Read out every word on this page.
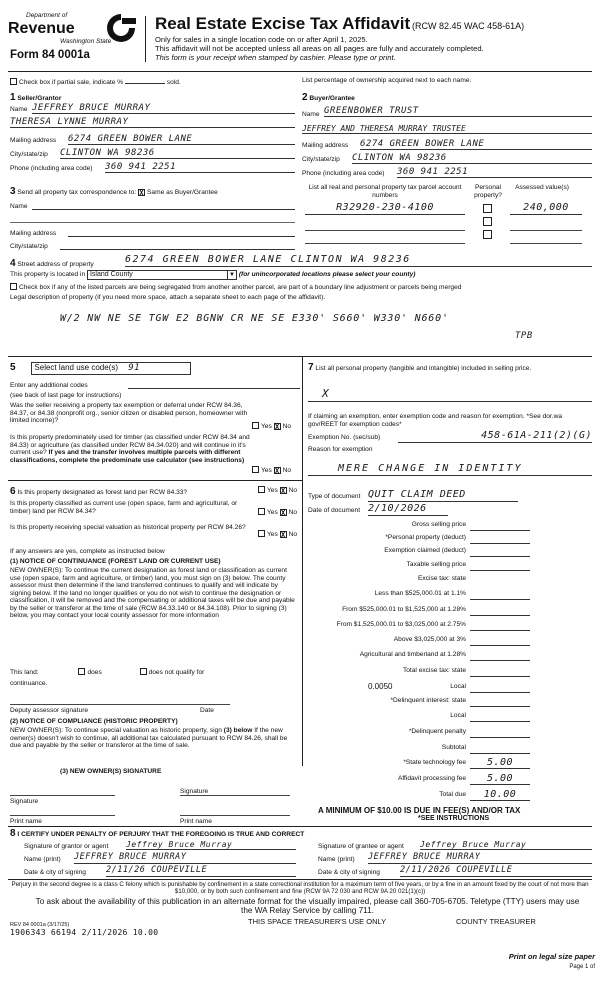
Department of
Revenue
Washington State
Form 84 0001a
Real Estate Excise Tax Affidavit (RCW 82.45 WAC 458-61A)
Only for sales in a single location code on or after April 1, 2025.
This affidavit will not be accepted unless all areas on all pages are fully and accurately completed.
This form is your receipt when stamped by cashier. Please type or print.
Check box if partial sale, indicate %	sold.	List percentage of ownership acquired next to each name.
1 Seller/Grantor
Name JEFFREY BRUCE MURRAY
THERESA LYNNE MURRAY
Mailing address 6274 GREEN BOWER LANE
City/state/zip CLINTON WA 98236
Phone (including area code) 360 941 2251
2 Buyer/Grantee
Name GREENBOWER TRUST
JEFFREY AND THERESA MURRAY TRUSTEE
Mailing address 6274 GREEN BOWER LANE
City/state/zip CLINTON WA 98236
Phone (including area code) 360 941 2251
3 Send all property tax correspondence to: X Same as Buyer/Grantee
Name
Mailing address
City/state/zip
List all real and personal property tax parcel account numbers
Personal property?
Assessed value(s)
R32920-230-4100	240,000
4 Street address of property	6274 GREEN BOWER LANE CLINTON WA 98236
This property is located in Island County	▼ (for unincorporated locations please select your county)
Check box if any of the listed parcels are being segregated from another another parcel, are part of a boundary line adjustment or parcels being merged
Legal description of property (if you need more space, attach a separate sheet to each page of the affidavit).
W/2 NW NE SE TGW E2 BGNW CR NE SE E330' S660' W330' N660'
TPB
5 Select land use code(s) 91
Enter any additional codes
(see back of last page for instructions)
Was the seller receiving a property tax exemption or deferral under RCW 84.36, 84.37, or 84.38 (nonprofit org., senior citizen or disabled person, homeowner with limited income)?
Yes X No
Is this property predominately used for timber (as classified under RCW 84.34 and 84.33) or agriculture (as classified under RCW 84.34.020) and will continue in it's current use? If yes and the transfer involves multiple parcels with different classifications, complete the predominate use calculator (see instructions)
Yes X No
6 Is this property designated as forest land per RCW 84.33?	Yes X No
Is this property classified as current use (open space, farm and agricultural, or timber) land per RCW 84.34?	Yes X No
Is this property receiving special valuation as historical property per RCW 84.26?
Yes X No
If any answers are yes, complete as instructed below
(1) NOTICE OF CONTINUANCE (FOREST LAND OR CURRENT USE)
NEW OWNER(S): To continue the current designation as forest land or classification as current use (open space, farm and agriculture, or timber) land, you must sign on (3) below. The county assessor must then determine if the land transferred continues to qualify and will indicate by signing below. If the land no longer qualifies or you do not wish to continue the designation or classification, it will be removed and the compensating or additional taxes will be due and payable by the seller or transferor at the time of sale (RCW 84.33.140 or 84.34.108). Prior to signing (3) below, you may contact your local county assessor for more information
This land:	does	does not qualify for
continuance.
Deputy assessor signature	Date
(2) NOTICE OF COMPLIANCE (HISTORIC PROPERTY)
NEW OWNER(S): To continue special valuation as historic property, sign (3) below If the new owner(s) doesn't wish to continue, all additional tax calculated pursuant to RCW 84.26, shall be due and payable by the seller or transferor at the time of sale.
(3) NEW OWNER(S) SIGNATURE
Signature
Signature
Print name	Print name
7 List all personal property (tangible and intangible) included in selling price.
X
If claiming an exemption, enter exemption code and reason for exemption. *See dor.wa gov/REET for exemption codes*
Exemption No. (sec/sub)	458-61A-211(2)(G)
Reason for exemption
MERE CHANGE IN IDENTITY
Type of document QUIT CLAIM DEED
Date of document 2/10/2026
Gross selling price
*Personal property (deduct)
Exemption claimed (deduct)
Taxable selling price
Excise tax: state
Less than $525,000.01 at 1.1%
From $525,000.01 to $1,525,000 at 1.28%
From $1,525,000.01 to $3,025,000 at 2.75%
Above $3,025,000 at 3%
Agricultural and timberland at 1.28%
Total excise tax: state
0.0050	Local
*Delinquent interest: state
Local
*Delinquent penalty
Subtotal
*State technology fee	5.00
Affidavit processing fee	5.00
Total due	10.00
A MINIMUM OF $10.00 IS DUE IN FEE(S) AND/OR TAX
*SEE INSTRUCTIONS
8 I CERTIFY UNDER PENALTY OF PERJURY THAT THE FOREGOING IS TRUE AND CORRECT
Signature of grantor or agent Jeffrey Bruce Murray
Name (print) JEFFREY BRUCE MURRAY
Date & city of signing 2/11/26 COUPEVILLE
Signature of grantee or agent Jeffrey Bruce Murray
Name (print) JEFFREY BRUCE MURRAY
Date & city of signing 2/11/2026 COUPEVILLE
Perjury in the second degree is a class C felony which is punishable by confinement in a state correctional institution for a maximum term of five years, or by a fine in an amount fixed by the court of not more than $10,000, or by both such confinement and fine (RCW 9A 72 030 and RCW 9A 20 021(1)(c))
To ask about the availability of this publication in an alternate format for the visually impaired, please call 360-705-6705. Teletype (TTY) users may use the WA Relay Service by calling 711.
REV 84 0001a (3/17/25)
1906343 66194 2/11/2026 10.00
THIS SPACE TREASURER'S USE ONLY	COUNTY TREASURER
Print on legal size paper
Page 1 of
